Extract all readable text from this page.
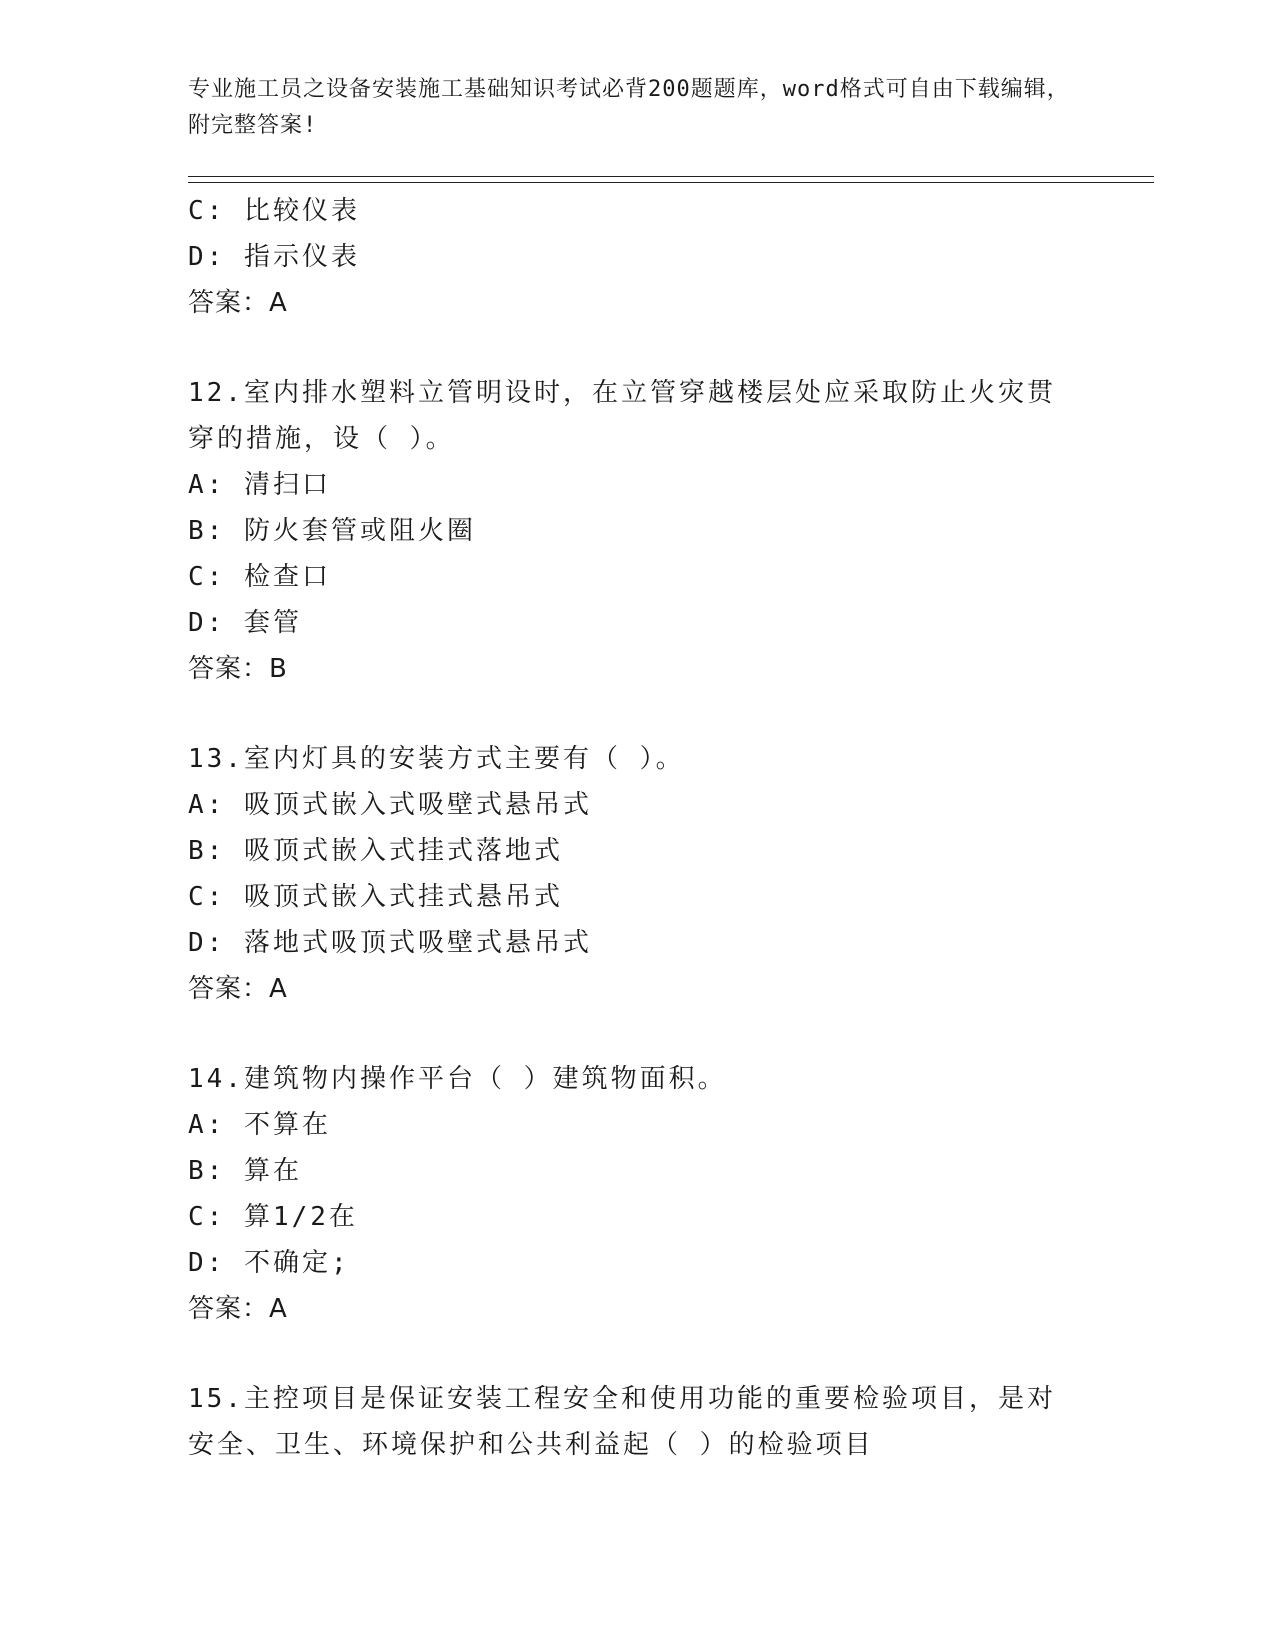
专业施工员之设备安装施工基础知识考试必背200题题库，word格式可自由下载编辑，附完整答案!
C: 比较仪表
D: 指示仪表
答案：A
12.室内排水塑料立管明设时，在立管穿越楼层处应采取防止火灾贯穿的措施，设（ ）。
A: 清扫口
B: 防火套管或阻火圈
C: 检查口
D: 套管
答案：B
13.室内灯具的安装方式主要有（ ）。
A: 吸顶式嵌入式吸壁式悬吊式
B: 吸顶式嵌入式挂式落地式
C: 吸顶式嵌入式挂式悬吊式
D: 落地式吸顶式吸壁式悬吊式
答案：A
14.建筑物内操作平台（ ）建筑物面积。
A: 不算在
B: 算在
C: 算1/2在
D: 不确定;
答案：A
15.主控项目是保证安装工程安全和使用功能的重要检验项目，是对安全、卫生、环境保护和公共利益起（ ）的检验项目
